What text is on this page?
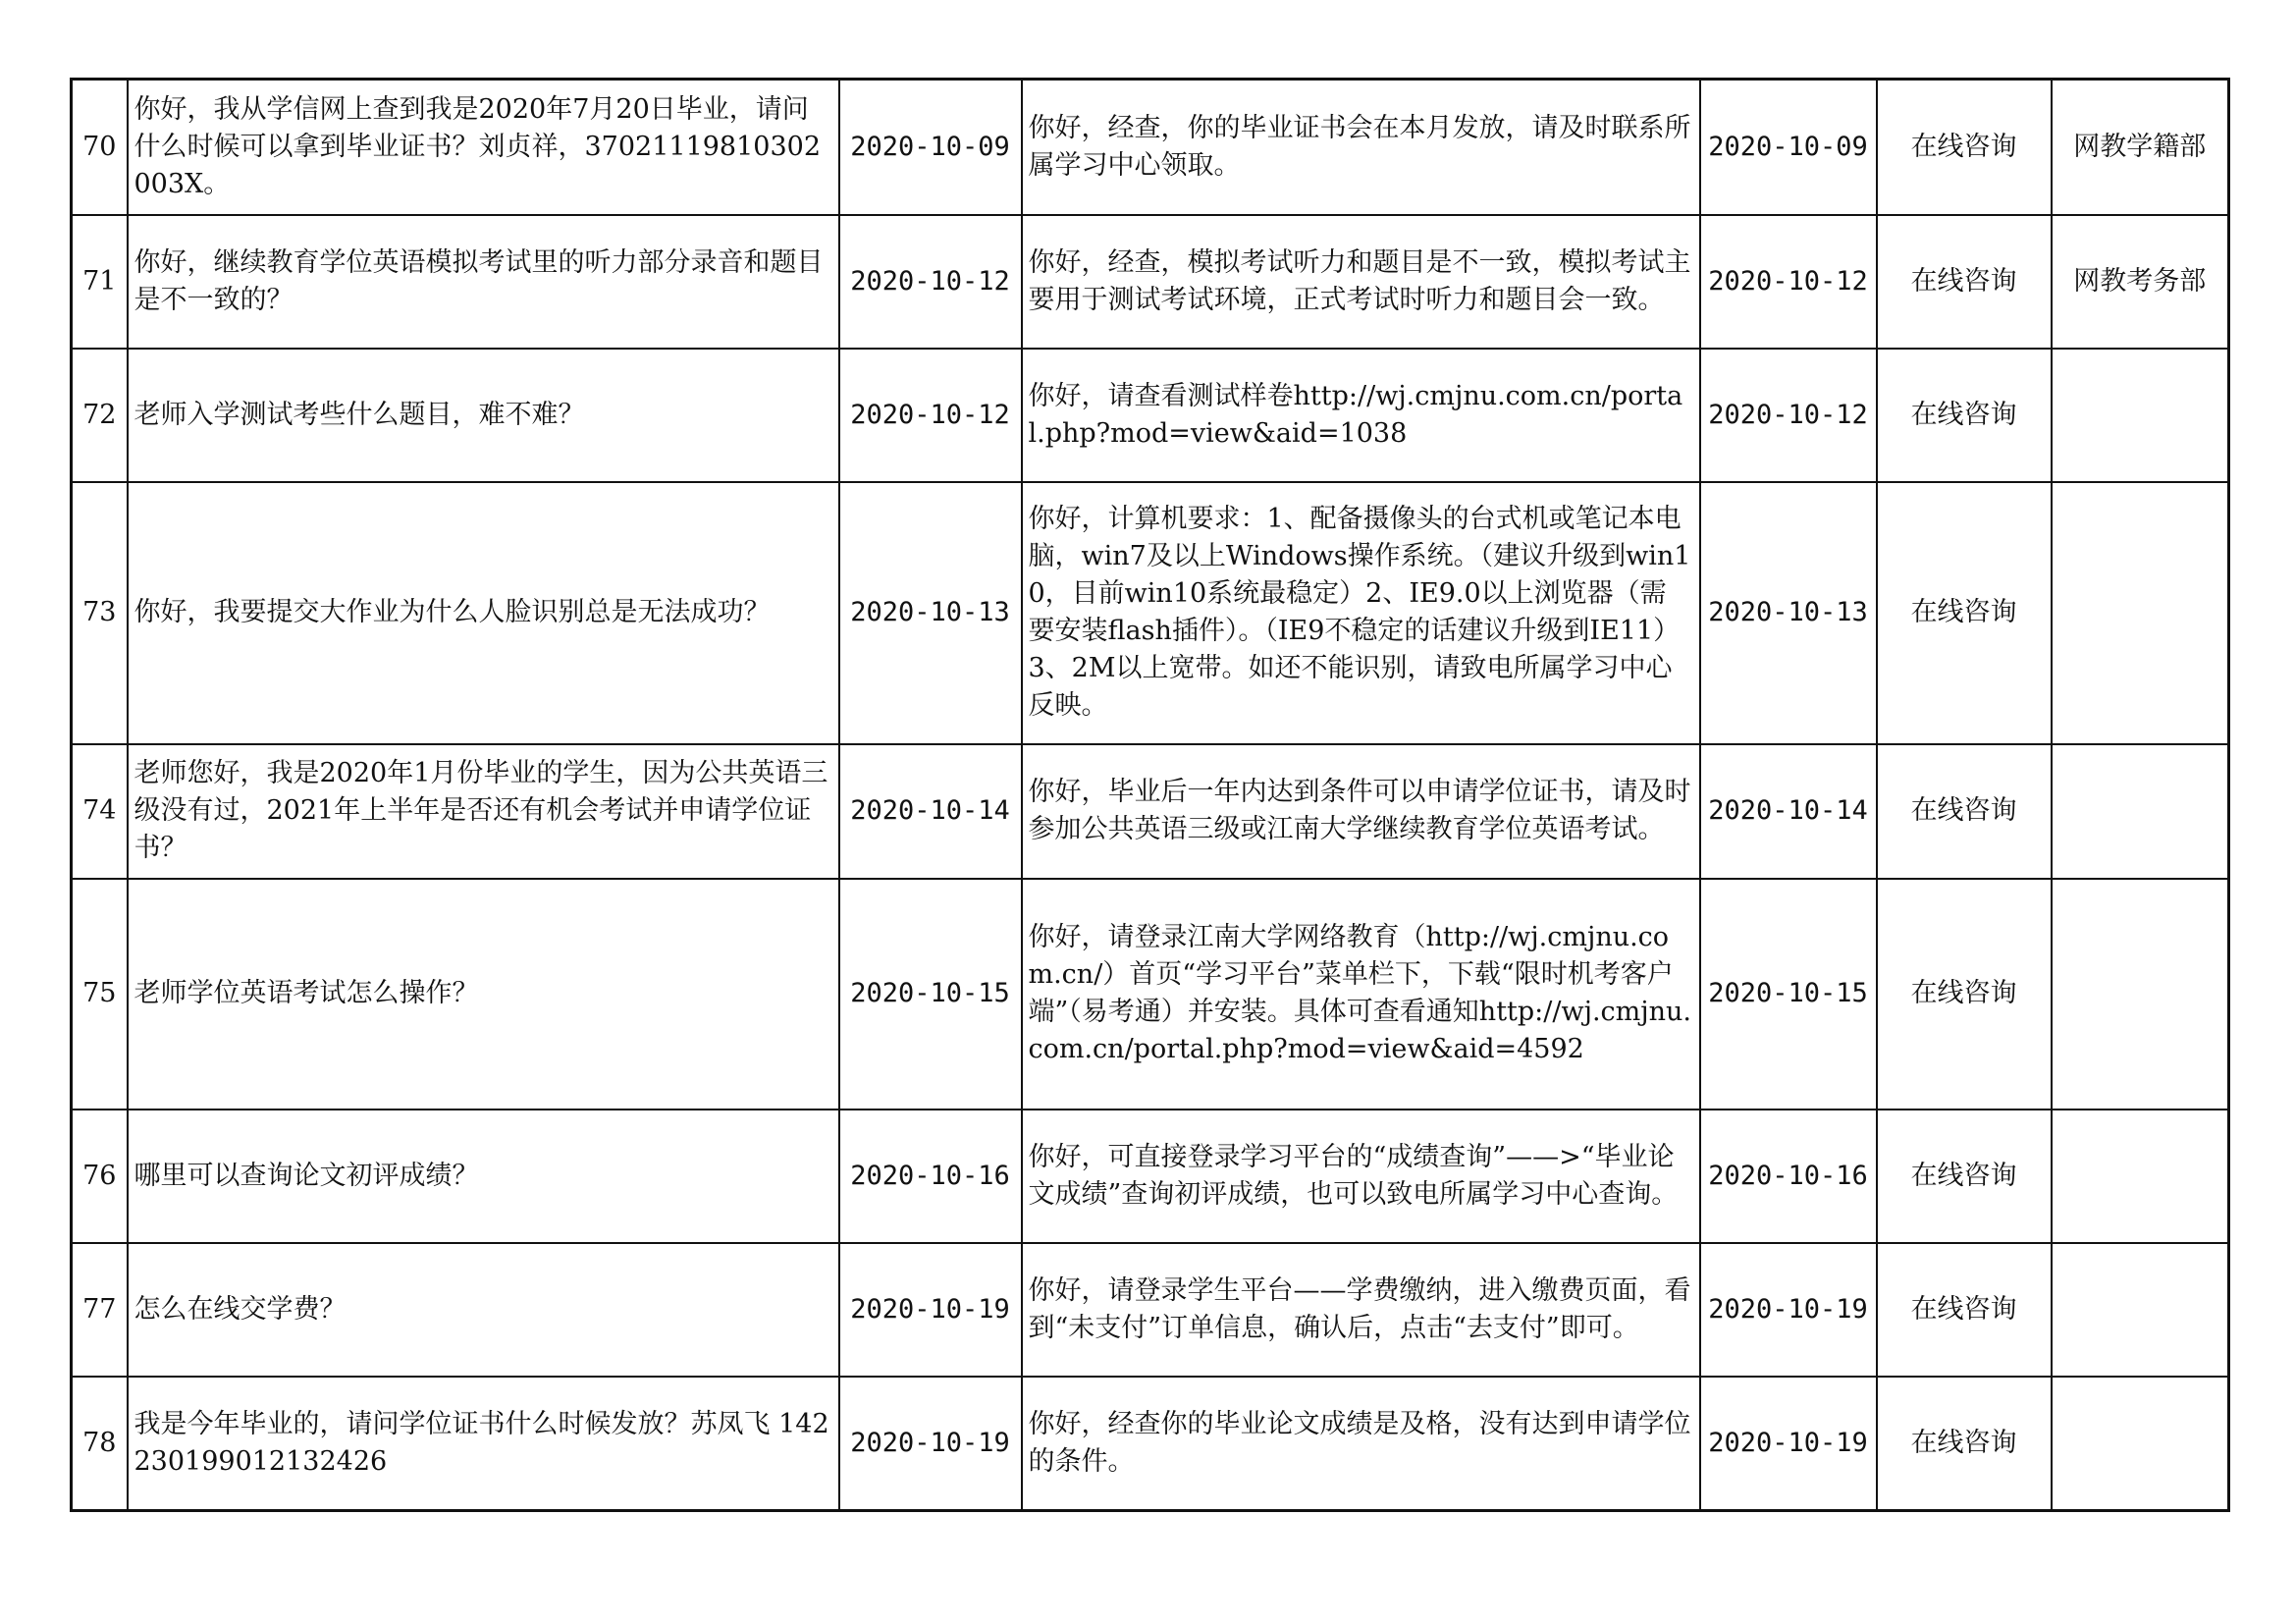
70	你好，我从学信网上查到我是2020年7月20日毕业，请问什么时候可以拿到毕业证书？刘贞祥，37021119810302003X。	2020-10-09	你好，经查，你的毕业证书会在本月发放，请及时联系所属学习中心领取。	2020-10-09	在线咨询	网教学籍部
71	你好，继续教育学位英语模拟考试里的听力部分录音和题目是不一致的？	2020-10-12	你好，经查，模拟考试听力和题目是不一致，模拟考试主要用于测试考试环境，正式考试时听力和题目会一致。	2020-10-12	在线咨询	网教考务部
72	老师入学测试考些什么题目，难不难？	2020-10-12	你好，请查看测试样卷http://wj.cmjnu.com.cn/portal.php?mod=view&aid=1038	2020-10-12	在线咨询	
73	你好，我要提交大作业为什么人脸识别总是无法成功？	2020-10-13	你好，计算机要求：1、配备摄像头的台式机或笔记本电脑，win7及以上Windows操作系统。（建议升级到win10，目前win10系统最稳定）2、IE9.0以上浏览器（需要安装flash插件）。（IE9不稳定的话建议升级到IE11）3、2M以上宽带。如还不能识别，请致电所属学习中心反映。	2020-10-13	在线咨询	
74	老师您好，我是2020年1月份毕业的学生，因为公共英语三级没有过，2021年上半年是否还有机会考试并申请学位证书？	2020-10-14	你好，毕业后一年内达到条件可以申请学位证书，请及时参加公共英语三级或江南大学继续教育学位英语考试。	2020-10-14	在线咨询	
75	老师学位英语考试怎么操作？	2020-10-15	你好，请登录江南大学网络教育（http://wj.cmjnu.com.cn/）首页“学习平台”菜单栏下，下载“限时机考客户端”（易考通）并安装。具体可查看通知http://wj.cmjnu.com.cn/portal.php?mod=view&aid=4592	2020-10-15	在线咨询	
76	哪里可以查询论文初评成绩？	2020-10-16	你好，可直接登录学习平台的“成绩查询”——>“毕业论文成绩”查询初评成绩，也可以致电所属学习中心查询。	2020-10-16	在线咨询	
77	怎么在线交学费？	2020-10-19	你好，请登录学生平台——学费缴纳，进入缴费页面，看到“未支付”订单信息，确认后，点击“去支付”即可。	2020-10-19	在线咨询	
78	我是今年毕业的，请问学位证书什么时候发放？苏凤飞 142230199012132426	2020-10-19	你好，经查你的毕业论文成绩是及格，没有达到申请学位的条件。	2020-10-19	在线咨询	
